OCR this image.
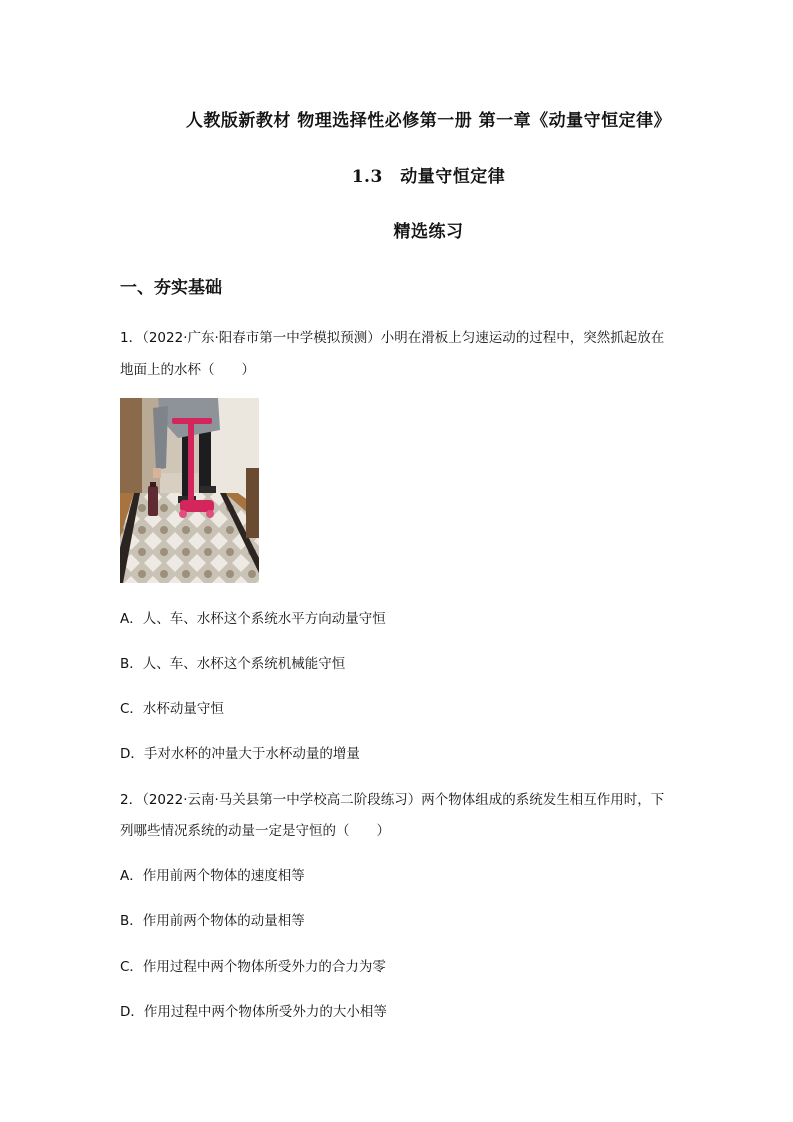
人教版新教材 物理选择性必修第一册 第一章《动量守恒定律》
1.3　动量守恒定律
精选练习
一、夯实基础
1．（2022·广东·阳春市第一中学模拟预测）小明在滑板上匀速运动的过程中，突然抓起放在
地面上的水杯（　　）
A．人、车、水杯这个系统水平方向动量守恒
B．人、车、水杯这个系统机械能守恒
C．水杯动量守恒
D．手对水杯的冲量大于水杯动量的增量
2．（2022·云南·马关县第一中学校高二阶段练习）两个物体组成的系统发生相互作用时，下
列哪些情况系统的动量一定是守恒的（　　）
A．作用前两个物体的速度相等
B．作用前两个物体的动量相等
C．作用过程中两个物体所受外力的合力为零
D．作用过程中两个物体所受外力的大小相等
